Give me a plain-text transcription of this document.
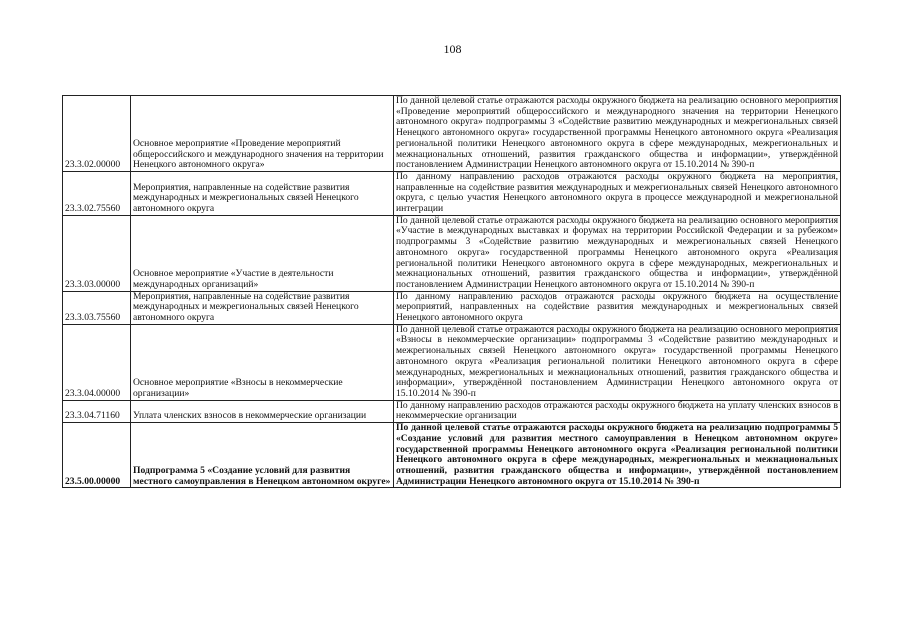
108
23.3.02.00000	Основное мероприятие «Проведение мероприятий общероссийского и международного значения на территории Ненецкого автономного округа»	По данной целевой статье отражаются расходы окружного бюджета на реализацию основного мероприятия «Проведение мероприятий общероссийского и международного значения на территории Ненецкого автономного округа» подпрограммы 3 «Содействие развитию международных и межрегиональных связей Ненецкого автономного округа» государственной программы Ненецкого автономного округа «Реализация региональной политики Ненецкого автономного округа в сфере международных, межрегиональных и межнациональных отношений, развития гражданского общества и информации», утверждённой постановлением Администрации Ненецкого автономного округа от 15.10.2014 № 390-п
23.3.02.75560	Мероприятия, направленные на содействие развития международных и межрегиональных связей Ненецкого автономного округа	По данному направлению расходов отражаются расходы окружного бюджета на мероприятия, направленные на содействие развития международных и межрегиональных связей Ненецкого автономного округа, с целью участия Ненецкого автономного округа в процессе международной и межрегиональной интеграции
23.3.03.00000	Основное мероприятие «Участие в деятельности международных организаций»	По данной целевой статье отражаются расходы окружного бюджета на реализацию основного мероприятия «Участие в международных выставках и форумах на территории Российской Федерации и за рубежом» подпрограммы 3 «Содействие развитию международных и межрегиональных связей Ненецкого автономного округа» государственной программы Ненецкого автономного округа «Реализация региональной политики Ненецкого автономного округа в сфере международных, межрегиональных и межнациональных отношений, развития гражданского общества и информации», утверждённой постановлением Администрации Ненецкого автономного округа от 15.10.2014 № 390-п
23.3.03.75560	Мероприятия, направленные на содействие развития международных и межрегиональных связей Ненецкого автономного округа	По данному направлению расходов отражаются расходы окружного бюджета на осуществление мероприятий, направленных на содействие развития международных и межрегиональных связей Ненецкого автономного округа
23.3.04.00000	Основное мероприятие «Взносы в некоммерческие организации»	По данной целевой статье отражаются расходы окружного бюджета на реализацию основного мероприятия «Взносы в некоммерческие организации» подпрограммы 3 «Содействие развитию международных и межрегиональных связей Ненецкого автономного округа» государственной программы Ненецкого автономного округа «Реализация региональной политики Ненецкого автономного округа в сфере международных, межрегиональных и межнациональных отношений, развития гражданского общества и информации», утверждённой постановлением Администрации Ненецкого автономного округа от 15.10.2014 № 390-п
23.3.04.71160	Уплата членских взносов в некоммерческие организации	По данному направлению расходов отражаются расходы окружного бюджета на уплату членских взносов в некоммерческие организации
23.5.00.00000	Подпрограмма 5 «Создание условий для развития местного самоуправления в Ненецком автономном округе»	По данной целевой статье отражаются расходы окружного бюджета на реализацию подпрограммы 5 «Создание условий для развития местного самоуправления в Ненецком автономном округе» государственной программы Ненецкого автономного округа «Реализация региональной политики Ненецкого автономного округа в сфере международных, межрегиональных и межнациональных отношений, развития гражданского общества и информации», утверждённой постановлением Администрации Ненецкого автономного округа от 15.10.2014 № 390-п
